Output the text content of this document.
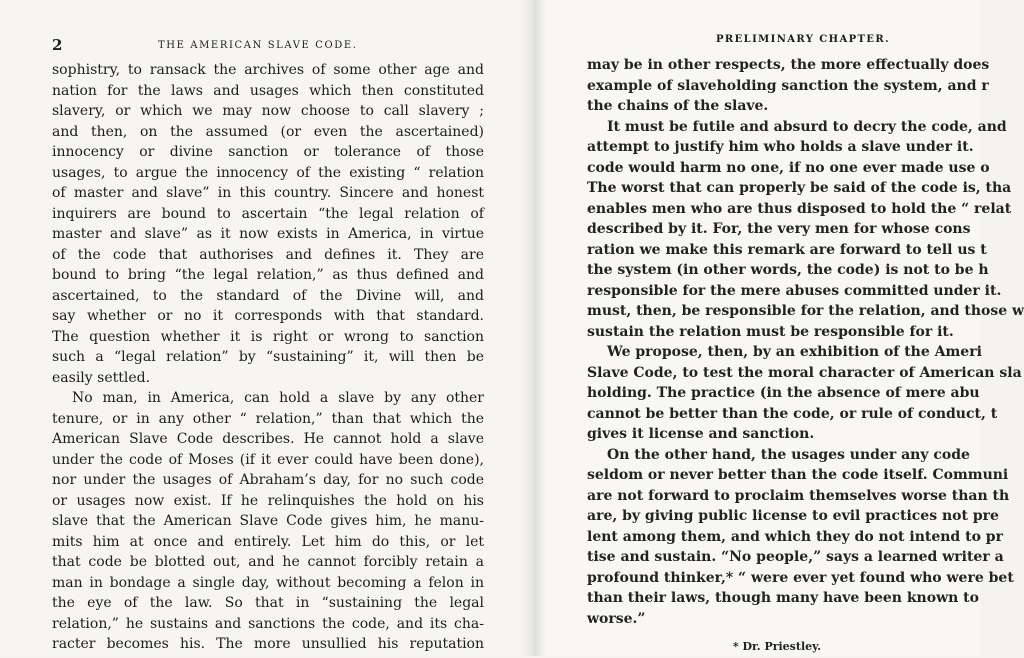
2	THE AMERICAN SLAVE CODE.
sophistry, to ransack the archives of some other age and
nation for the laws and usages which then constituted
slavery, or which we may now choose to call slavery ;
and then, on the assumed (or even the ascertained)
innocency or divine sanction or tolerance of those
usages, to argue the innocency of the existing “ relation
of master and slave” in this country. Sincere and honest
inquirers are bound to ascertain “the legal relation of
master and slave” as it now exists in America, in virtue
of the code that authorises and defines it. They are
bound to bring “the legal relation,” as thus defined and
ascertained, to the standard of the Divine will, and
say whether or no it corresponds with that standard.
The question whether it is right or wrong to sanction
such a “legal relation” by “sustaining” it, will then be
easily settled.
No man, in America, can hold a slave by any other
tenure, or in any other “ relation,” than that which the
American Slave Code describes. He cannot hold a slave
under the code of Moses (if it ever could have been done),
nor under the usages of Abraham’s day, for no such code
or usages now exist. If he relinquishes the hold on his
slave that the American Slave Code gives him, he manu-
mits him at once and entirely. Let him do this, or let
that code be blotted out, and he cannot forcibly retain a
man in bondage a single day, without becoming a felon in
the eye of the law. So that in “sustaining the legal
relation,” he sustains and sanctions the code, and its cha-
racter becomes his. The more unsullied his reputation
PRELIMINARY CHAPTER.
may be in other respects, the more effectually does
example of slaveholding sanction the system, and r
the chains of the slave.
It must be futile and absurd to decry the code, and
attempt to justify him who holds a slave under it.
code would harm no one, if no one ever made use o
The worst that can properly be said of the code is, tha
enables men who are thus disposed to hold the “ relat
described by it. For, the very men for whose cons
ration we make this remark are forward to tell us t
the system (in other words, the code) is not to be h
responsible for the mere abuses committed under it.
must, then, be responsible for the relation, and those w
sustain the relation must be responsible for it.
We propose, then, by an exhibition of the Ameri
Slave Code, to test the moral character of American sla
holding. The practice (in the absence of mere abu
cannot be better than the code, or rule of conduct, t
gives it license and sanction.
On the other hand, the usages under any code
seldom or never better than the code itself. Communi
are not forward to proclaim themselves worse than th
are, by giving public license to evil practices not pre
lent among them, and which they do not intend to pr
tise and sustain. “No people,” says a learned writer a
profound thinker,* “ were ever yet found who were bet
than their laws, though many have been known to
worse.”
* Dr. Priestley.
